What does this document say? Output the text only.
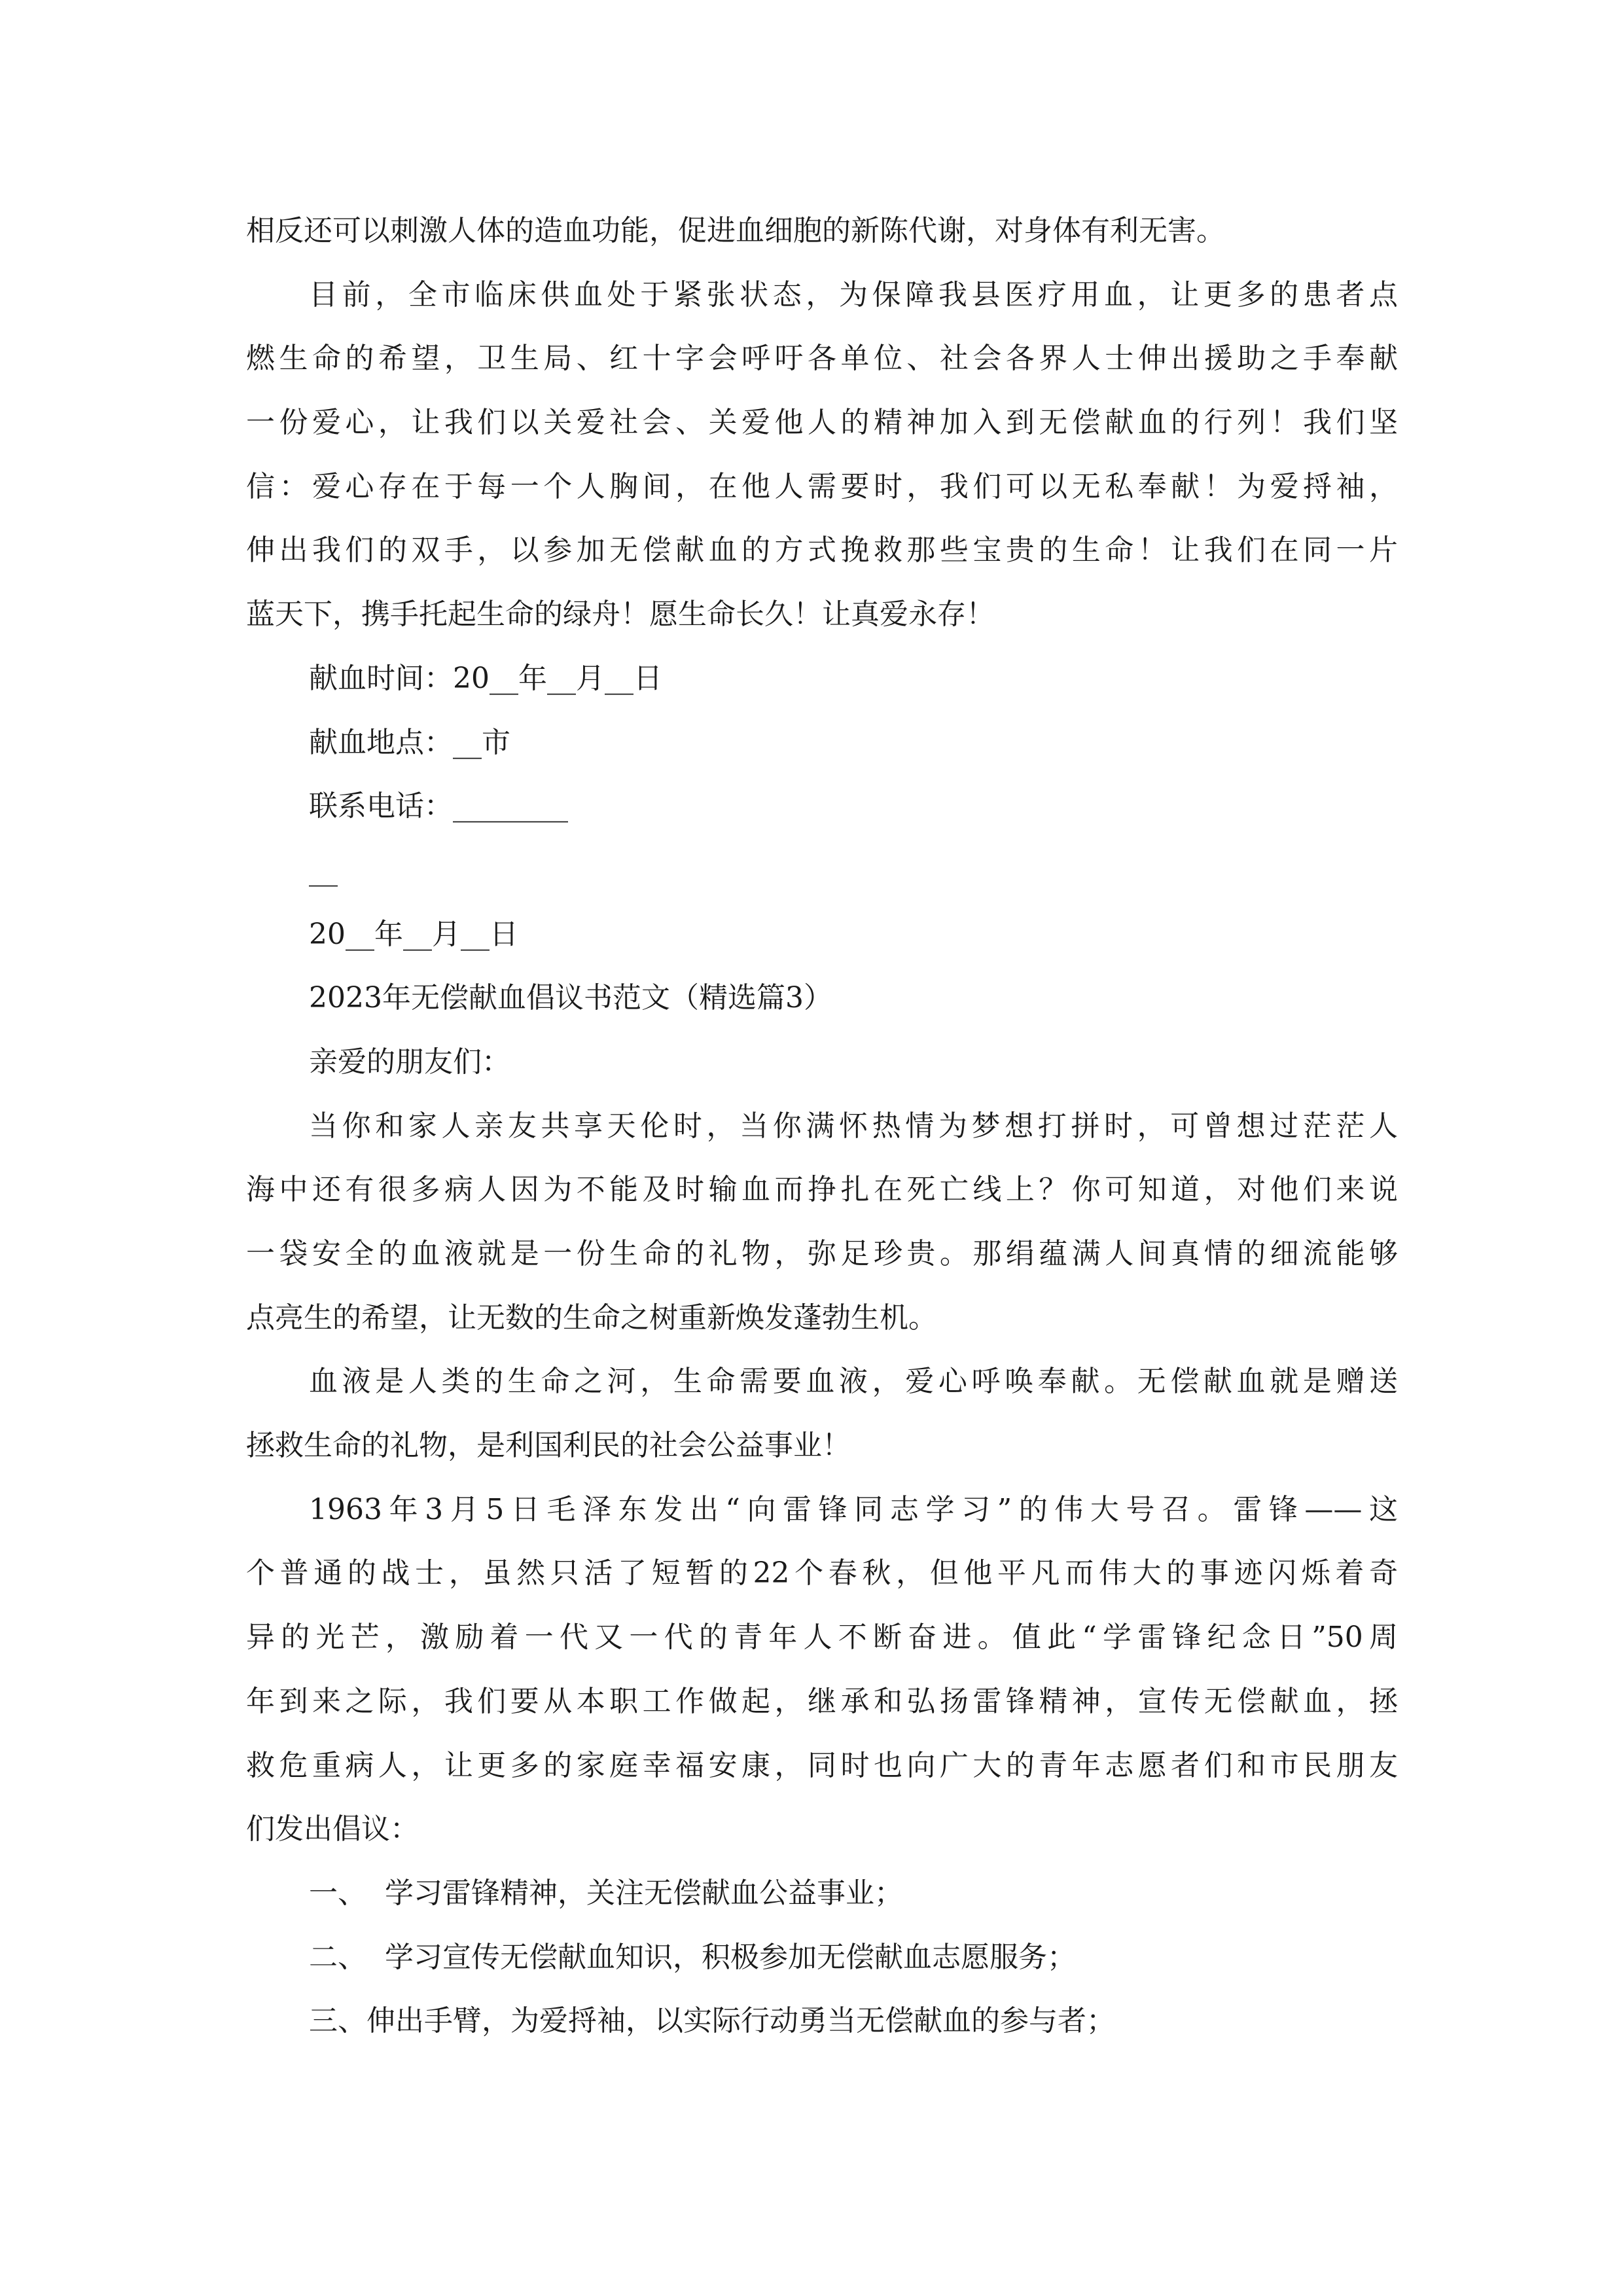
相反还可以刺激人体的造血功能，促进血细胞的新陈代谢，对身体有利无害。
目前，全市临床供血处于紧张状态，为保障我县医疗用血，让更多的患者点
燃生命的希望，卫生局、红十字会呼吁各单位、社会各界人士伸出援助之手奉献
一份爱心，让我们以关爱社会、关爱他人的精神加入到无偿献血的行列！我们坚
信：爱心存在于每一个人胸间，在他人需要时，我们可以无私奉献！为爱捋袖，
伸出我们的双手，以参加无偿献血的方式挽救那些宝贵的生命！让我们在同一片
蓝天下，携手托起生命的绿舟！愿生命长久！让真爱永存！
献血时间：20__年__月__日
献血地点：__市
联系电话：________
__
20__年__月__日
2023年无偿献血倡议书范文（精选篇3）
亲爱的朋友们：
当你和家人亲友共享天伦时，当你满怀热情为梦想打拼时，可曾想过茫茫人
海中还有很多病人因为不能及时输血而挣扎在死亡线上？你可知道，对他们来说
一袋安全的血液就是一份生命的礼物，弥足珍贵。那绢蕴满人间真情的细流能够
点亮生的希望，让无数的生命之树重新焕发蓬勃生机。
血液是人类的生命之河，生命需要血液，爱心呼唤奉献。无偿献血就是赠送
拯救生命的礼物，是利国利民的社会公益事业！
1963年3月5日毛泽东发出“向雷锋同志学习”的伟大号召。雷锋——这
个普通的战士，虽然只活了短暂的22个春秋，但他平凡而伟大的事迹闪烁着奇
异的光芒，激励着一代又一代的青年人不断奋进。值此“学雷锋纪念日”50周
年到来之际，我们要从本职工作做起，继承和弘扬雷锋精神，宣传无偿献血，拯
救危重病人，让更多的家庭幸福安康，同时也向广大的青年志愿者们和市民朋友
们发出倡议：
一、  学习雷锋精神，关注无偿献血公益事业；
二、  学习宣传无偿献血知识，积极参加无偿献血志愿服务；
三、伸出手臂，为爱捋袖，以实际行动勇当无偿献血的参与者；
